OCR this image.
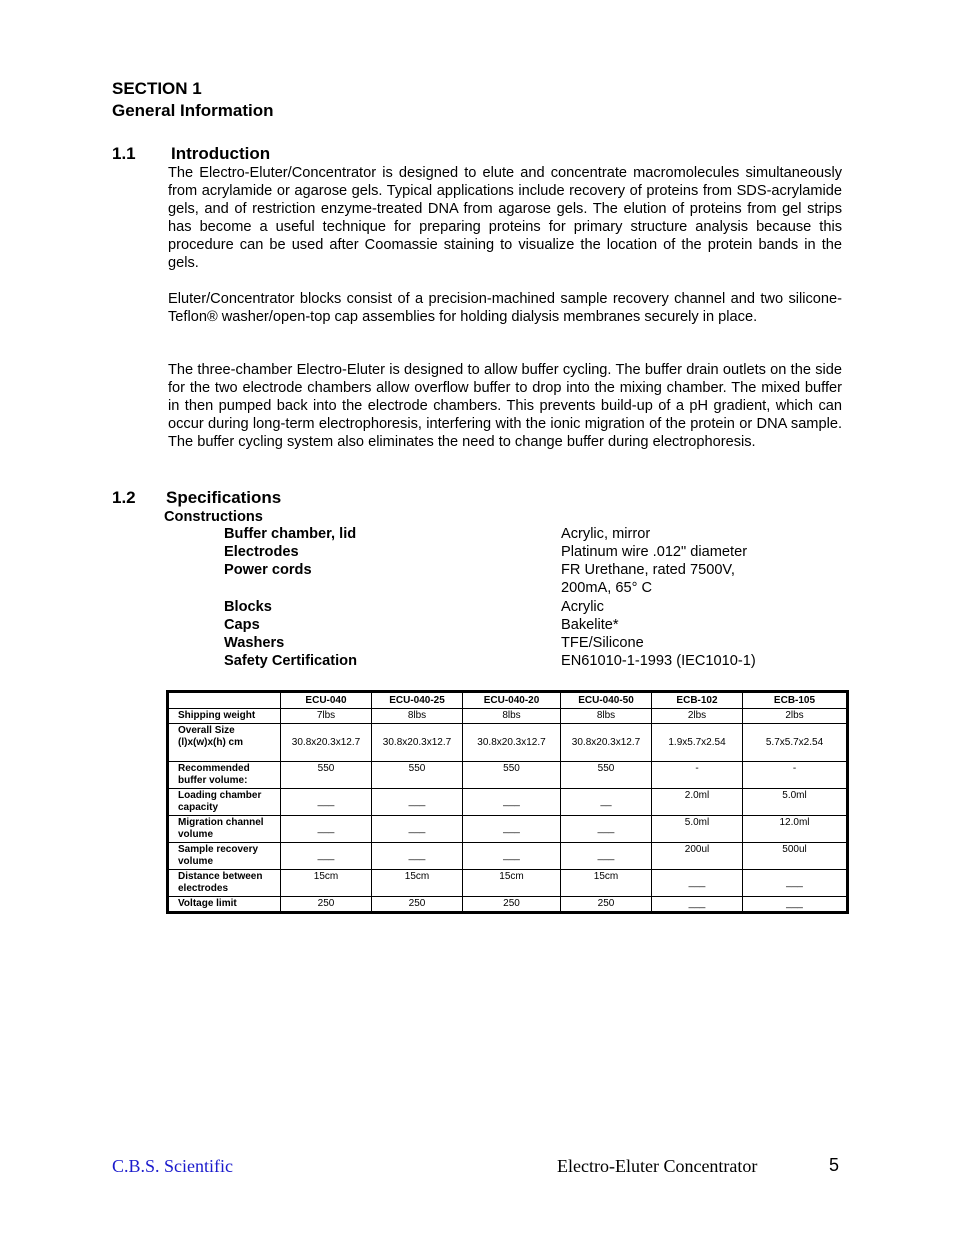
SECTION 1
General Information
1.1 Introduction

The Electro-Eluter/Concentrator is designed to elute and concentrate macromolecules simultaneously from acrylamide or agarose gels. Typical applications include recovery of proteins from SDS-acrylamide gels, and of restriction enzyme-treated DNA from agarose gels. The elution of proteins from gel strips has become a useful technique for preparing proteins for primary structure analysis because this procedure can be used after Coomassie staining to visualize the location of the protein bands in the gels.

Eluter/Concentrator blocks consist of a precision-machined sample recovery channel and two silicone-Teflon® washer/open-top cap assemblies for holding dialysis membranes securely in place.

The three-chamber Electro-Eluter is designed to allow buffer cycling. The buffer drain outlets on the side for the two electrode chambers allow overflow buffer to drop into the mixing chamber. The mixed buffer in then pumped back into the electrode chambers. This prevents build-up of a pH gradient, which can occur during long-term electrophoresis, interfering with the ionic migration of the protein or DNA sample. The buffer cycling system also eliminates the need to change buffer during electrophoresis.

1.2 Specifications
Constructions
Buffer chamber, lid	Acrylic, mirror
Electrodes	Platinum wire .012" diameter
Power cords	FR Urethane, rated 7500V,
200mA, 65° C
Blocks	Acrylic
Caps	Bakelite*
Washers	TFE/Silicone
Safety Certification	EN61010-1-1993 (IEC1010-1)
	ECU-040	ECU-040-25	ECU-040-20	ECU-040-50	ECB-102	ECB-105
Shipping weight	7lbs	8lbs	8lbs	8lbs	2lbs	2lbs
Overall Size (l)x(w)x(h) cm	30.8x20.3x12.7	30.8x20.3x12.7	30.8x20.3x12.7	30.8x20.3x12.7	1.9x5.7x2.54	5.7x5.7x2.54
Recommended buffer volume:	550	550	550	550	-	-
Loading chamber capacity	___	___	___	__	2.0ml	5.0ml
Migration channel volume	___	___	___	___	5.0ml	12.0ml
Sample recovery volume	___	___	___	___	200ul	500ul
Distance between electrodes	15cm	15cm	15cm	15cm	___	___
Voltage limit	250	250	250	250	___	___
C.B.S. Scientific	Electro-Eluter Concentrator	5
